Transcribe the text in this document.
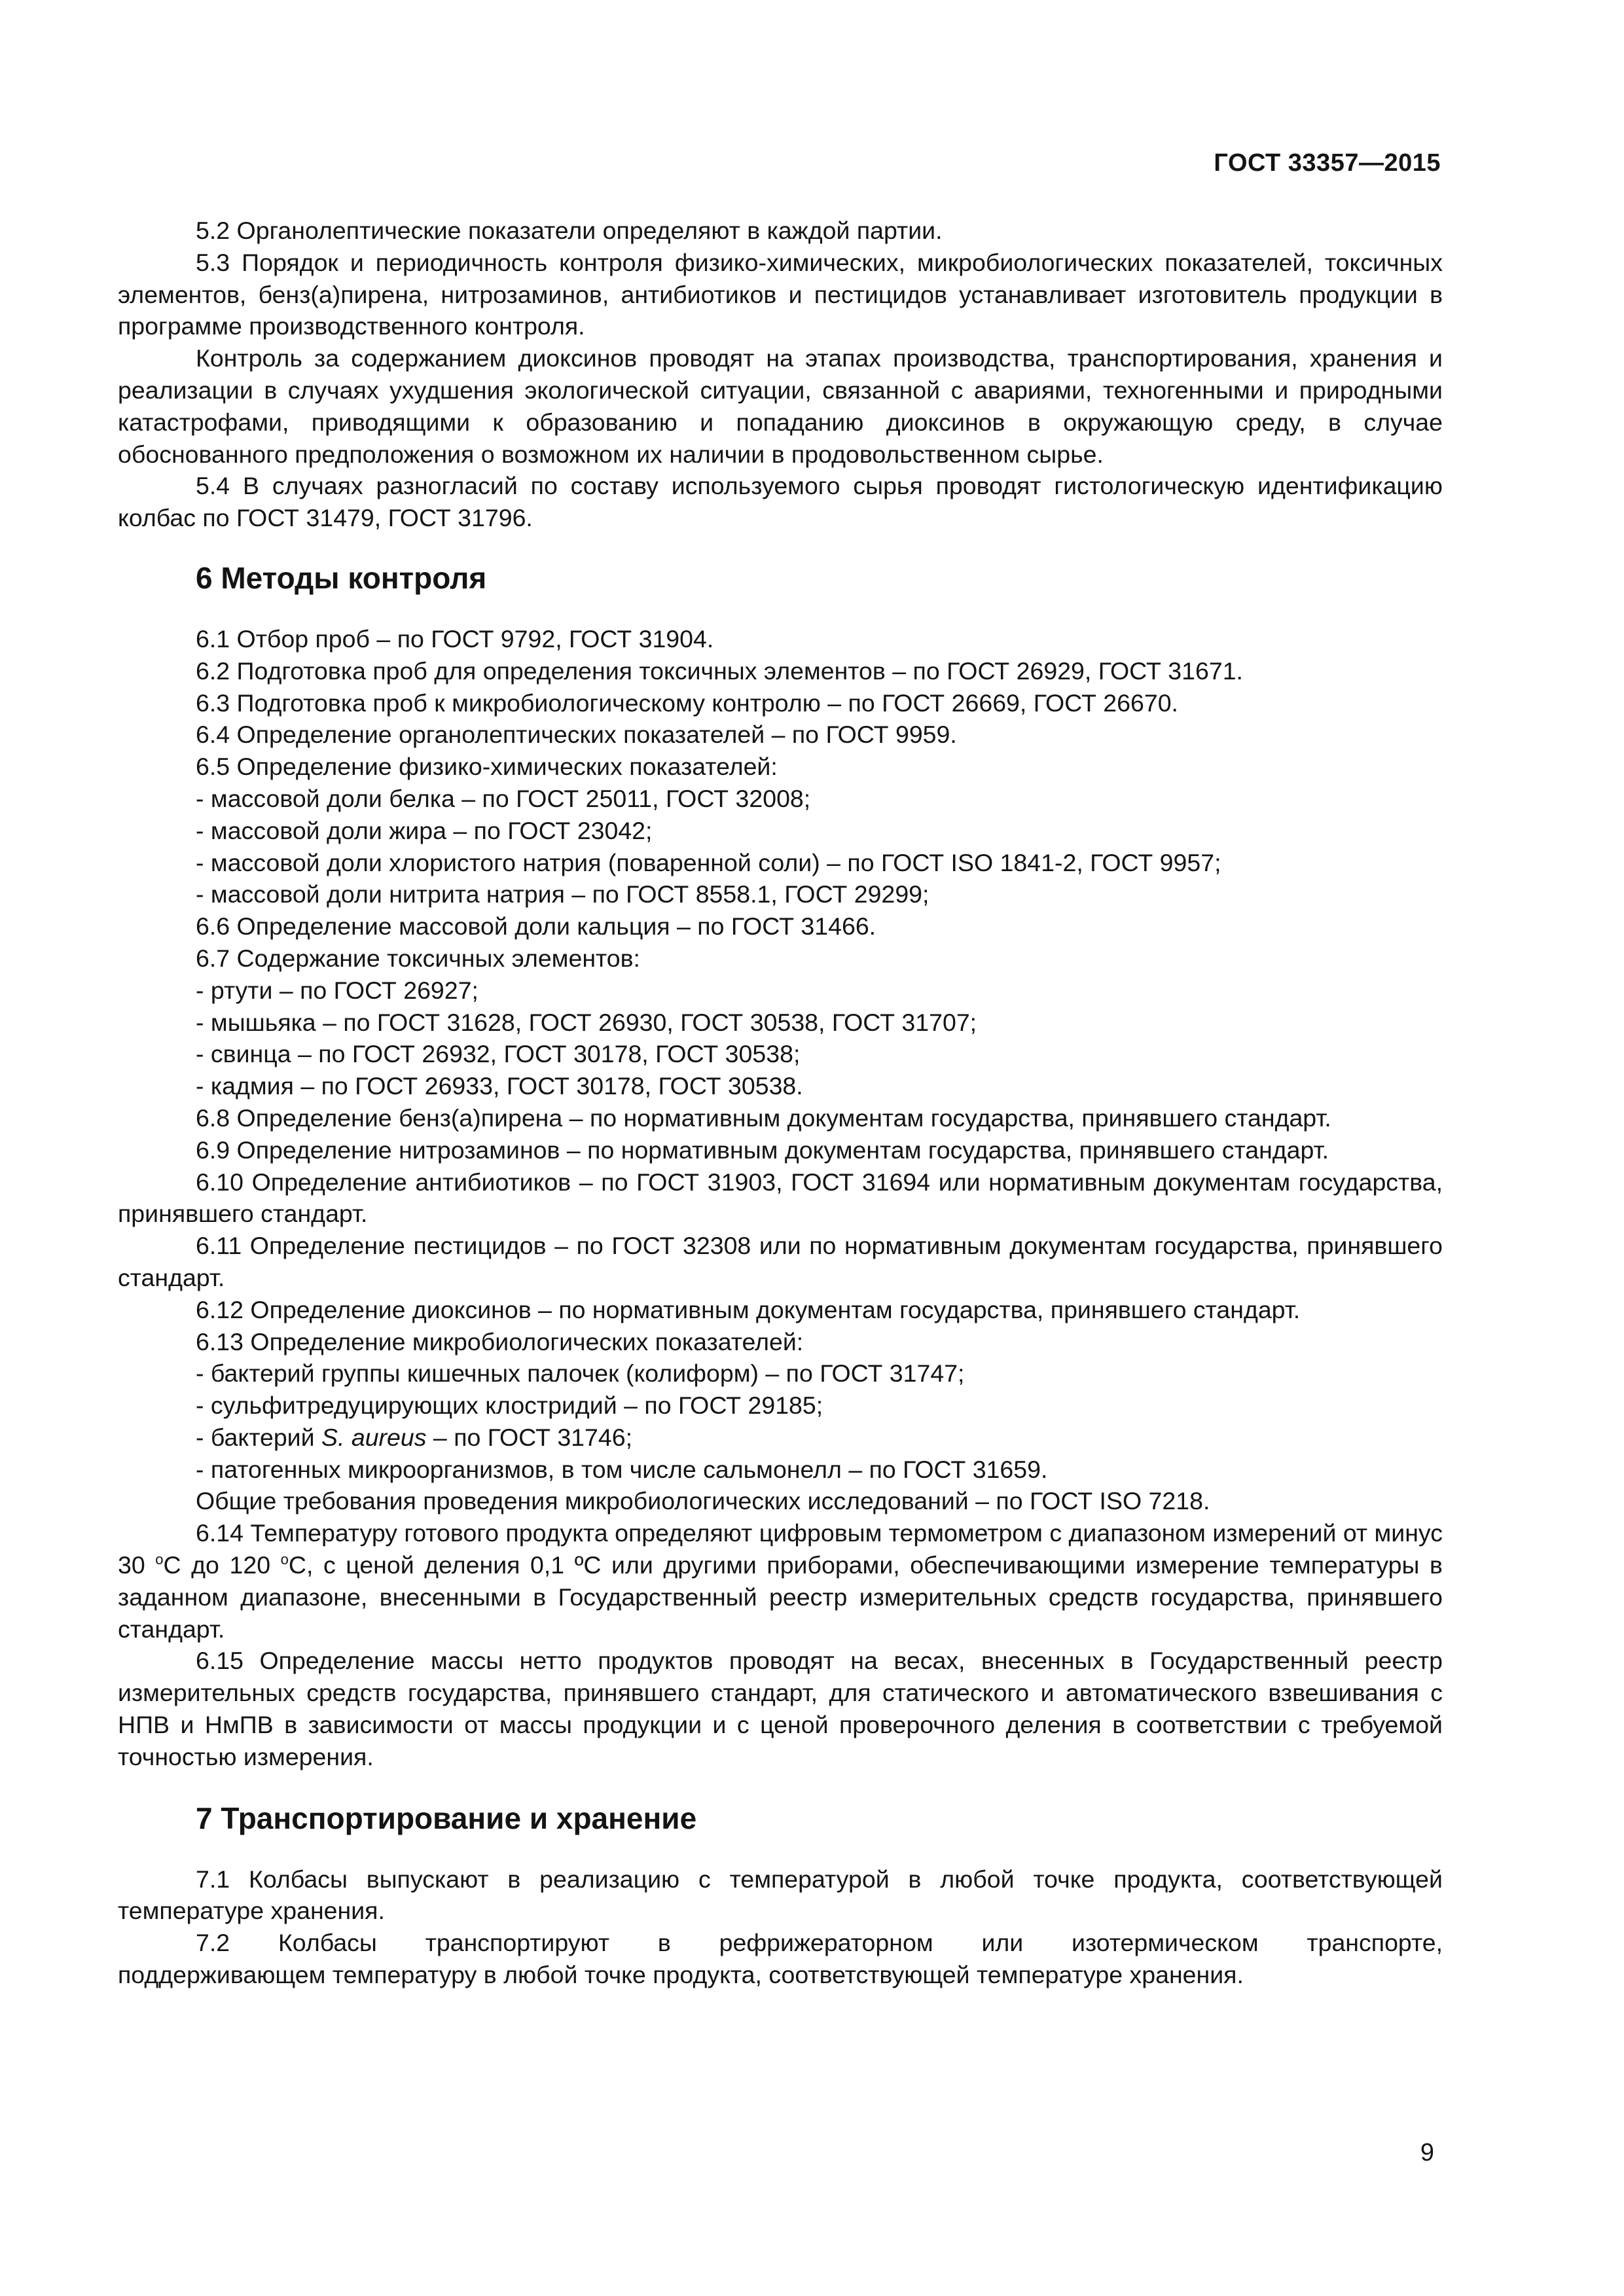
ГОСТ 33357—2015

5.2 Органолептические показатели определяют в каждой партии.

5.3 Порядок и периодичность контроля физико-химических, микробиологических показателей, токсичных элементов, бенз(а)пирена, нитрозаминов, антибиотиков и пестицидов устанавливает изготовитель продукции в программе производственного контроля.

Контроль за содержанием диоксинов проводят на этапах производства, транспортирования, хранения и реализации в случаях ухудшения экологической ситуации, связанной с авариями, техногенными и природными катастрофами, приводящими к образованию и попаданию диоксинов в окружающую среду, в случае обоснованного предположения о возможном их наличии в продовольственном сырье.

5.4 В случаях разногласий по составу используемого сырья проводят гистологическую идентификацию колбас по ГОСТ 31479, ГОСТ 31796.

6 Методы контроля

6.1 Отбор проб – по ГОСТ 9792, ГОСТ 31904.

6.2 Подготовка проб для определения токсичных элементов – по ГОСТ 26929, ГОСТ 31671.

6.3 Подготовка проб к микробиологическому контролю – по ГОСТ 26669, ГОСТ 26670.

6.4 Определение органолептических показателей – по ГОСТ 9959.

6.5 Определение физико-химических показателей:

- массовой доли белка – по ГОСТ 25011, ГОСТ 32008;

- массовой доли жира – по ГОСТ 23042;

- массовой доли хлористого натрия (поваренной соли) – по ГОСТ ISO 1841-2, ГОСТ 9957;

- массовой доли нитрита натрия – по ГОСТ 8558.1, ГОСТ 29299;

6.6 Определение массовой доли кальция – по ГОСТ 31466.

6.7 Содержание токсичных элементов:

- ртути – по ГОСТ 26927;

- мышьяка – по ГОСТ 31628, ГОСТ 26930, ГОСТ 30538, ГОСТ 31707;

- свинца – по ГОСТ 26932, ГОСТ 30178, ГОСТ 30538;

- кадмия – по ГОСТ 26933, ГОСТ 30178, ГОСТ 30538.

6.8 Определение бенз(а)пирена – по нормативным документам государства, принявшего стандарт.

6.9 Определение нитрозаминов – по нормативным документам государства, принявшего стандарт.

6.10 Определение антибиотиков – по ГОСТ 31903, ГОСТ 31694 или нормативным документам государства, принявшего стандарт.

6.11 Определение пестицидов – по ГОСТ 32308 или по нормативным документам государства, принявшего стандарт.

6.12 Определение диоксинов – по нормативным документам государства, принявшего стандарт.

6.13 Определение микробиологических показателей:

- бактерий группы кишечных палочек (колиформ) – по ГОСТ 31747;

- сульфитредуцирующих клостридий – по ГОСТ 29185;

- бактерий S. aureus – по ГОСТ 31746;

- патогенных микроорганизмов, в том числе сальмонелл – по ГОСТ 31659.

Общие требования проведения микробиологических исследований – по ГОСТ ISO 7218.

6.14 Температуру готового продукта определяют цифровым термометром с диапазоном измерений от минус 30 $^o$С до 120 $^o$С, с ценой деления 0,1 ºС или другими приборами, обеспечивающими измерение температуры в заданном диапазоне, внесенными в Государственный реестр измерительных средств государства, принявшего стандарт.

6.15 Определение массы нетто продуктов проводят на весах, внесенных в Государственный реестр измерительных средств государства, принявшего стандарт, для статического и автоматического взвешивания с НПВ и НмПВ в зависимости от массы продукции и с ценой проверочного деления в соответствии с требуемой точностью измерения.

7 Транспортирование и хранение

7.1 Колбасы выпускают в реализацию с температурой в любой точке продукта, соответствующей температуре хранения.

7.2 Колбасы транспортируют в рефрижераторном или изотермическом транспорте,

поддерживающем температуру в любой точке продукта, соответствующей температуре хранения.

9
